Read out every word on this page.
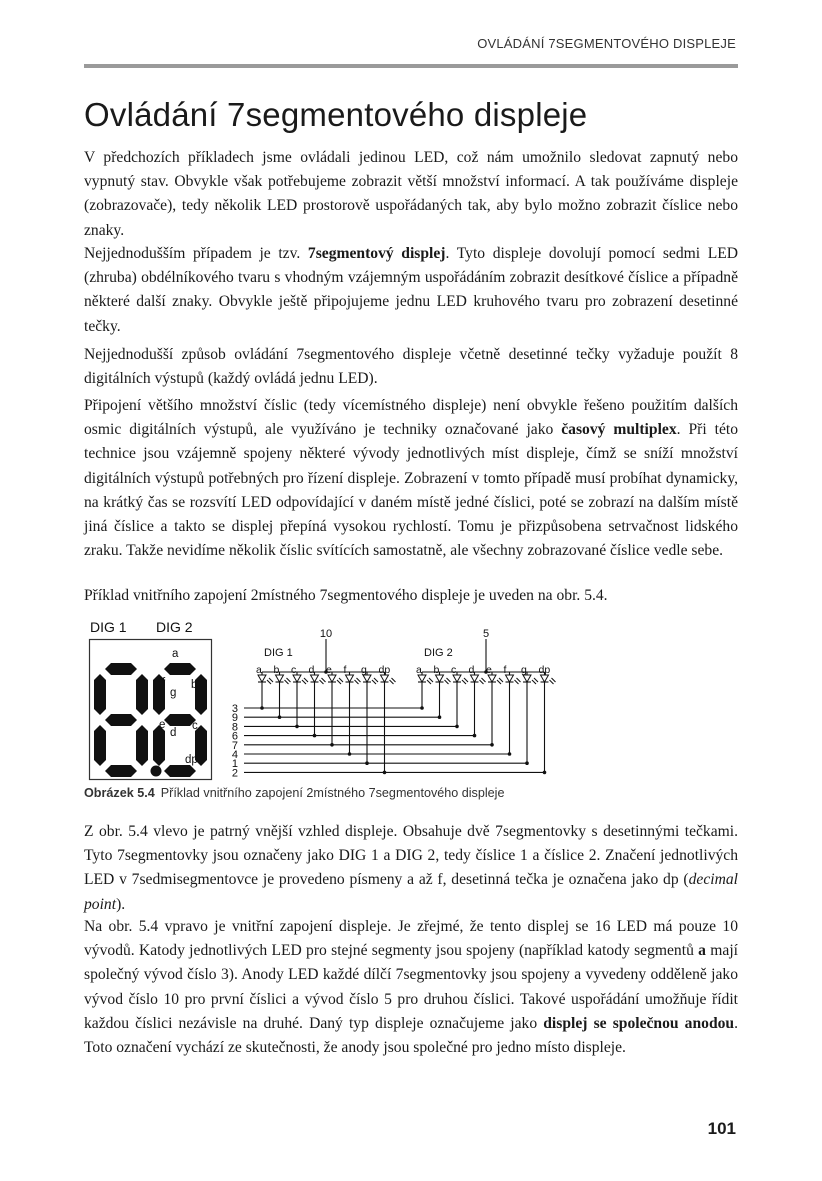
OVLÁDÁNÍ 7SEGMENTOVÉHO DISPLEJE
Ovládání 7segmentového displeje

V předchozích příkladech jsme ovládali jedinou LED, což nám umožnilo sledovat zapnutý nebo vypnutý stav. Obvykle však potřebujeme zobrazit větší množství informací. A tak používáme displeje (zobrazovače), tedy několik LED prostorově uspořádaných tak, aby bylo možno zobrazit číslice nebo znaky.

Nejjednodušším případem je tzv. 7segmentový displej. Tyto displeje dovolují pomocí sedmi LED (zhruba) obdélníkového tvaru s vhodným vzájemným uspořádáním zobrazit desítkové číslice a případně některé další znaky. Obvykle ještě připojujeme jednu LED kruhového tvaru pro zobrazení desetinné tečky.

Nejjednodušší způsob ovládání 7segmentového displeje včetně desetinné tečky vyžaduje použít 8 digitálních výstupů (každý ovládá jednu LED).

Připojení většího množství číslic (tedy vícemístného displeje) není obvykle řešeno použitím dalších osmic digitálních výstupů, ale využíváno je techniky označované jako časový multiplex. Při této technice jsou vzájemně spojeny některé vývody jednotlivých míst displeje, čímž se sníží množství digitálních výstupů potřebných pro řízení displeje. Zobrazení v tomto případě musí probíhat dynamicky, na krátký čas se rozsvítí LED odpovídající v daném místě jedné číslici, poté se zobrazí na dalším místě jiná číslice a takto se displej přepíná vysokou rychlostí. Tomu je přizpůsobena setrvačnost lidského zraku. Takže nevidíme několik číslic svítících samostatně, ale všechny zobrazované číslice vedle sebe.

Příklad vnitřního zapojení 2místného 7segmentového displeje je uveden na obr. 5.4.

DIG 1 DIG 2
a
b
c
d
e
f
g
dp
10
DIG 1
a b c d e f g dp
5
DIG 2
a b c d e f g dp
3
9
8
6
7
4
1
2
Obrázek 5.4 Příklad vnitřního zapojení 2místného 7segmentového displeje

Z obr. 5.4 vlevo je patrný vnější vzhled displeje. Obsahuje dvě 7segmentovky s desetinnými tečkami. Tyto 7segmentovky jsou označeny jako DIG 1 a DIG 2, tedy číslice 1 a číslice 2. Značení jednotlivých LED v 7sedmisegmentovce je provedeno písmeny a až f, desetinná tečka je označena jako dp (decimal point).

Na obr. 5.4 vpravo je vnitřní zapojení displeje. Je zřejmé, že tento displej se 16 LED má pouze 10 vývodů. Katody jednotlivých LED pro stejné segmenty jsou spojeny (například katody segmentů a mají společný vývod číslo 3). Anody LED každé dílčí 7segmentovky jsou spojeny a vyvedeny odděleně jako vývod číslo 10 pro první číslici a vývod číslo 5 pro druhou číslici. Takové uspořádání umožňuje řídit každou číslici nezávisle na druhé. Daný typ displeje označujeme jako displej se společnou anodou. Toto označení vychází ze skutečnosti, že anody jsou společné pro jedno místo displeje.

101
